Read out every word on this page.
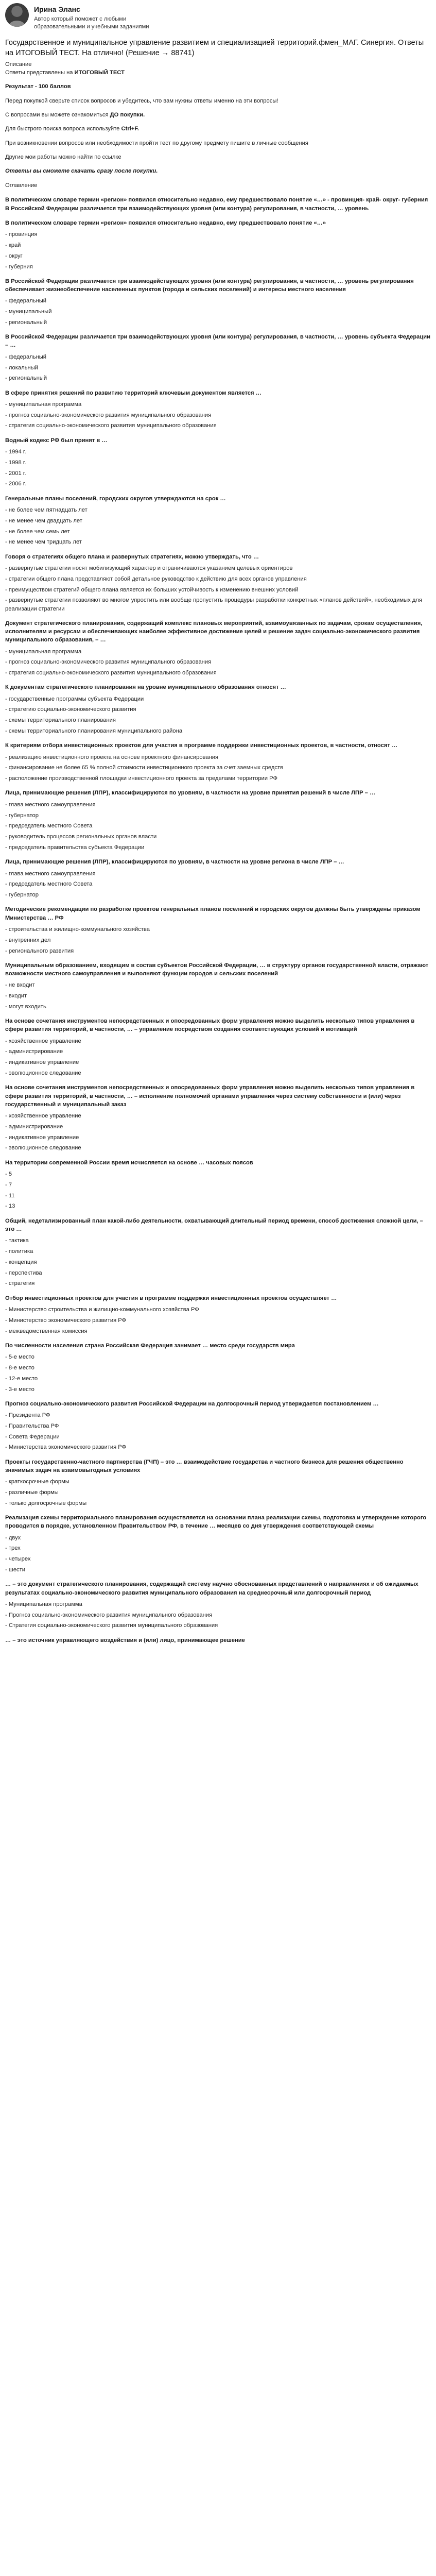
Ирина Эланс
Автор который поможет с любыми образовательными и учебными заданиями
Государственное и муниципальное управление развитием и специализацией территорий.фмен_МАГ. Синергия. Ответы на ИТОГОВЫЙ ТЕСТ. На отлично! (Решение → 88741)

Описание

Ответы представлены на ИТОГОВЫЙ ТЕСТ

Результат - 100 баллов

Перед покупкой сверьте список вопросов и убедитесь, что вам нужны ответы именно на эти вопросы!

С вопросами вы можете ознакомиться ДО покупки.

Для быстрого поиска вопроса используйте Ctrl+F.

При возникновении вопросов или необходимости пройти тест по другому предмету пишите в личные сообщения

Другие мои работы можно найти по ссылке

Ответы вы сможете скачать сразу после покупки.

Оглавление

В политическом словаре термин «регион» появился относительно недавно, ему предшествовало понятие «…» - провинция- край- округ- губерния В Российской Федерации различается три взаимодействующих уровня (или контура) регулирования, в частности, … уровень

В политическом словаре термин «регион» появился относительно недавно, ему предшествовало понятие «…»

- провинция
- край
- округ
- губерния

В Российской Федерации различается три взаимодействующих уровня (или контура) регулирования, в частности, … уровень регулирования обеспечивает жизнеобеспечение населенных пунктов (города и сельских поселений) и интересы местного населения

- федеральный
- муниципальный
- региональный

В Российской Федерации различается три взаимодействующих уровня (или контура) регулирования, в частности, … уровень субъекта Федерации – …

- федеральный
- локальный
- региональный

В сфере принятия решений по развитию территорий ключевым документом является …

- муниципальная программа
- прогноз социально-экономического развития муниципального образования
- стратегия социально-экономического развития муниципального образования

Водный кодекс РФ был принят в …

- 1994 г.
- 1998 г.
- 2001 г.
- 2006 г.

Генеральные планы поселений, городских округов утверждаются на срок …

- не более чем пятнадцать лет
- не менее чем двадцать лет
- не более чем семь лет
- не менее чем тридцать лет

Говоря о стратегиях общего плана и развернутых стратегиях, можно утверждать, что …

- развернутые стратегии носят мобилизующий характер и ограничиваются указанием целевых ориентиров
- стратегии общего плана представляют собой детальное руководство к действию для всех органов управления
- преимуществом стратегий общего плана является их больших устойчивость к изменению внешних условий
- развернутые стратегии позволяют во многом упростить или вообще пропустить процедуры разработки конкретных «планов действий», необходимых для реализации стратегии

Документ стратегического планирования, содержащий комплекс плановых мероприятий, взаимоувязанных по задачам, срокам осуществления, исполнителям и ресурсам и обеспечивающих наиболее эффективное достижение целей и решение задач социально-экономического развития муниципального образования, – …

- муниципальная программа
- прогноз социально-экономического развития муниципального образования
- стратегия социально-экономического развития муниципального образования

К документам стратегического планирования на уровне муниципального образования относят …

- государственные программы субъекта Федерации
- стратегию социально-экономического развития
- схемы территориального планирования
- схемы территориального планирования муниципального района

К критериям отбора инвестиционных проектов для участия в программе поддержки инвестиционных проектов, в частности, относят …

- реализацию инвестиционного проекта на основе проектного финансирования
- финансирование не более 65 % полной стоимости инвестиционного проекта за счет заемных средств
- расположение производственной площадки инвестиционного проекта за пределами территории РФ

Лица, принимающие решения (ЛПР), классифицируются по уровням, в частности на уровне принятия решений в числе ЛПР – …

- глава местного самоуправления
- губернатор
- председатель местного Совета
- руководитель процессов региональных органов власти
- председатель правительства субъекта Федерации

Лица, принимающие решения (ЛПР), классифицируются по уровням, в частности на уровне региона в числе ЛПР – …

- глава местного самоуправления
- председатель местного Совета
- губернатор

Методические рекомендации по разработке проектов генеральных планов поселений и городских округов должны быть утверждены приказом Министерства … РФ

- строительства и жилищно-коммунального хозяйства
- внутренних дел
- регионального развития

Муниципальным образованием, входящим в состав субъектов Российской Федерации, … в структуру органов государственной власти, отражают возможности местного самоуправления и выполняют функции городов и сельских поселений

- не входит
- входит
- могут входить

На основе сочетания инструментов непосредственных и опосредованных форм управления можно выделить несколько типов управления в сфере развития территорий, в частности, … – управление посредством создания соответствующих условий и мотиваций

- хозяйственное управление
- администрирование
- индикативное управление
- эволюционное следование

На основе сочетания инструментов непосредственных и опосредованных форм управления можно выделить несколько типов управления в сфере развития территорий, в частности, … – исполнение полномочий органами управления через систему собственности и (или) через государственный и муниципальный заказ

- хозяйственное управление
- администрирование
- индикативное управление
- эволюционное следование

На территории современной России время исчисляется на основе … часовых поясов

- 5
- 7
- 11
- 13

Общий, недетализированный план какой-либо деятельности, охватывающий длительный период времени, способ достижения сложной цели, – это …

- тактика
- политика
- концепция
- перспектива
- стратегия

Отбор инвестиционных проектов для участия в программе поддержки инвестиционных проектов осуществляет …

- Министерство строительства и жилищно-коммунального хозяйства РФ
- Министерство экономического развития РФ
- межведомственная комиссия

По численности населения страна Российская Федерация занимает … место среди государств мира

- 5-е место
- 8-е место
- 12-е место
- 3-е место

Прогноз социально-экономического развития Российской Федерации на долгосрочный период утверждается постановлением …

- Президента РФ
- Правительства РФ
- Совета Федерации
- Министерства экономического развития РФ

Проекты государственно-частного партнерства (ГЧП) – это … взаимодействие государства и частного бизнеса для решения общественно значимых задач на взаимовыгодных условиях

- краткосрочные формы
- различные формы
- только долгосрочные формы

Реализация схемы территориального планирования осуществляется на основании плана реализации схемы, подготовка и утверждение которого проводится в порядке, установленном Правительством РФ, в течение … месяцев со дня утверждения соответствующей схемы

- двух
- трех
- четырех
- шести

… – это документ стратегического планирования, содержащий систему научно обоснованных представлений о направлениях и об ожидаемых результатах социально-экономического развития муниципального образования на среднесрочный или долгосрочный период

- Муниципальная программа
- Прогноз социально-экономического развития муниципального образования
- Стратегия социально-экономического развития муниципального образования

… – это источник управляющего воздействия и (или) лицо, принимающее решение
